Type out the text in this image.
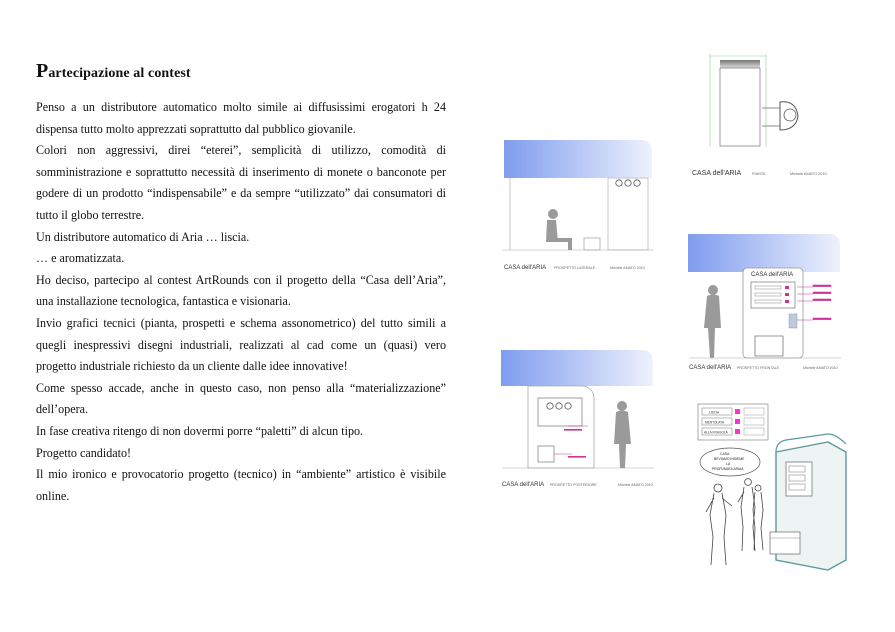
Partecipazione al contest

Penso a un distributore automatico molto simile ai diffusissimi erogatori h 24 dispensa tutto molto apprezzati soprattutto dal pubblico giovanile.

Colori non aggressivi, direi “eterei”, semplicità di utilizzo, comodità di somministrazione e soprattutto necessità di inserimento di monete o banconote per godere di un prodotto “indispensabile” e da sempre “utilizzato” dai consumatori di tutto il globo terrestre.

Un distributore automatico di Aria … liscia.

… e aromatizzata.

Ho deciso, partecipo al contest ArtRounds con il progetto della “Casa dell’Aria”, una installazione tecnologica, fantastica e visionaria.

Invio grafici tecnici (pianta, prospetti e schema assonometrico) del tutto simili a quegli inespressivi disegni industriali, realizzati al cad come un (quasi) vero progetto industriale richiesto da un cliente dalle idee innovative!

Come spesso accade, anche in questo caso, non penso alla “materializzazione” dell’opera.

In fase creativa ritengo di non dovermi porre “paletti” di alcun tipo.

Progetto candidato!

Il mio ironico e provocatorio progetto (tecnico) in “ambiente” artistico è visibile online.

CASA dell'ARIA	PIANTA	Michele AMATO 2010
CASA dell'ARIA PROSPETTO LATERALE	Michele AMATO 2010
CASA dell'ARIA
CASA dell'ARIA PROSPETTO FRONTALE	Michele AMATO 2010
CASA dell'ARIA PROSPETTO POSTERIORE	Michele AMATO 2010
LISCIA
MENTOLATA
ALLA FRAGOLA
CASA
BEVIAMO INSIEME
LA
PROFUMATA ARIAA
